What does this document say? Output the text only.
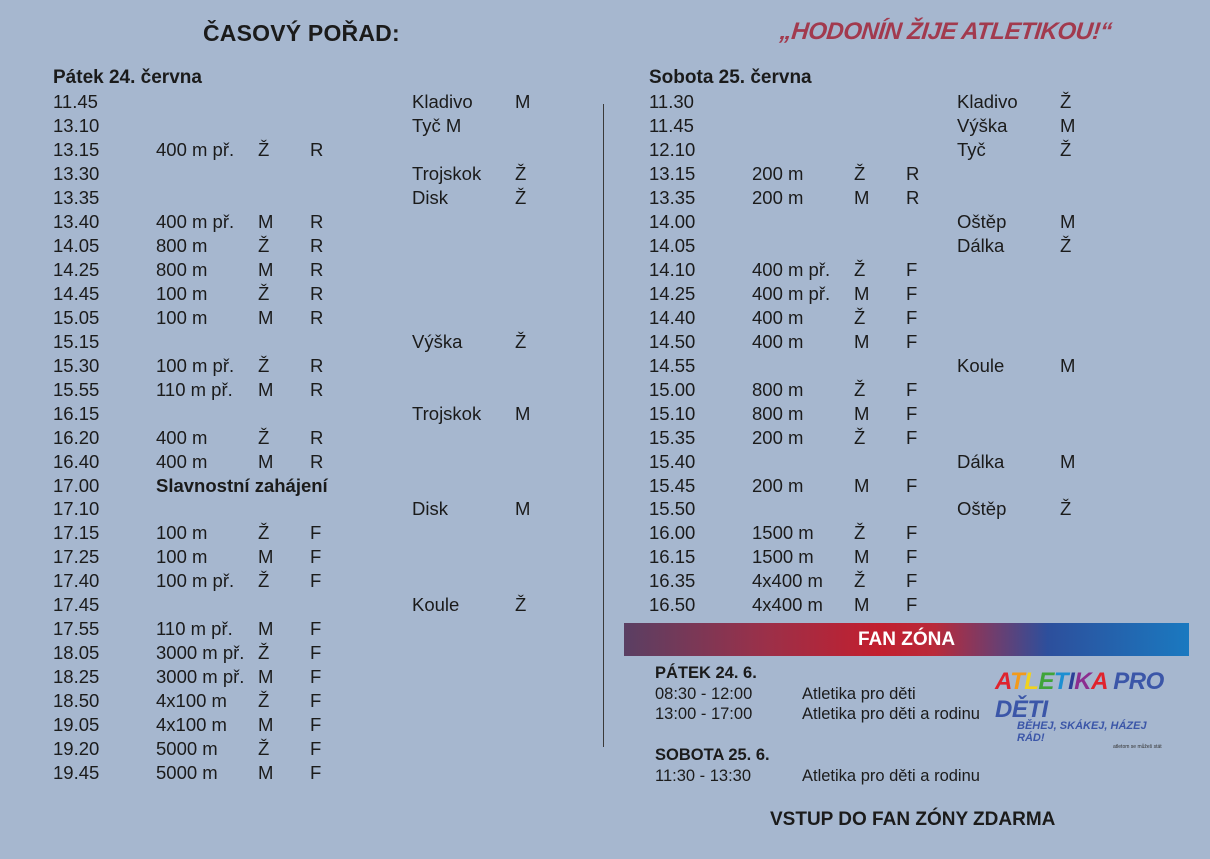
ČASOVÝ POŘAD:	„HODONÍN ŽIJE ATLETIKOU!“
Pátek 24. června
11.45	Kladivo M
13.10	Tyč M
13.15	400 m př. Ž R
13.30	Trojskok Ž
13.35	Disk	Ž
13.40	400 m př. M R
14.05	800 m	Ž R
14.25	800 m	M R
14.45	100 m	Ž R
15.05	100 m	M R
15.15	Výška	Ž
15.30	100 m př. Ž R
15.55	110 m př. M R
16.15	Trojskok M
16.20	400 m	Ž R
16.40	400 m	M R
17.00	Slavnostní zahájení
17.10	Disk	M
17.15	100 m	Ž F
17.25	100 m	M F
17.40	100 m př. Ž F
17.45	Koule	Ž
17.55	110 m př. M F
18.05	3000 m př. Ž F
18.25	3000 m př. M F
18.50	4x100 m Ž F
19.05	4x100 m M F
19.20	5000 m Ž F
19.45	5000 m M F
Sobota 25. června
11.30	Kladivo Ž
11.45	Výška	M
12.10	Tyč	Ž
13.15	200 m	Ž R
13.35	200 m	M R
14.00	Oštěp	M
14.05	Dálka	Ž
14.10	400 m př. Ž F
14.25	400 m př. M F
14.40	400 m	Ž F
14.50	400 m	M F
14.55	Koule	M
15.00	800 m	Ž F
15.10	800 m	M F
15.35	200 m	Ž F
15.40	Dálka	M
15.45	200 m	M F
15.50	Oštěp	Ž
16.00	1500 m Ž F
16.15	1500 m M F
16.35	4x400 m Ž F
16.50	4x400 m M F
FAN ZÓNA
PÁTEK 24. 6.
08:30 - 12:00	Atletika pro děti
13:00 - 17:00	Atletika pro děti a rodinu
SOBOTA 25. 6.
11:30 - 13:30	Atletika pro děti a rodinu
ATLETIKA PRO DĚTI
BĚHEJ, SKÁKEJ, HÁZEJ RÁD!
atletom se můžeš stát
VSTUP DO FAN ZÓNY ZDARMA
